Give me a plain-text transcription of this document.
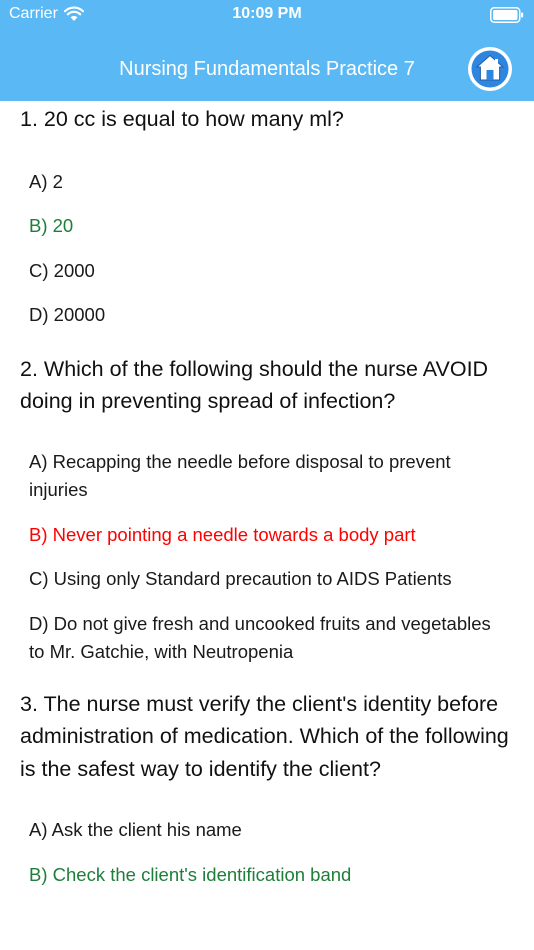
Carrier	10:09 PM
Nursing Fundamentals Practice 7

1. 20 cc is equal to how many ml?

A) 2
B) 20
C) 2000
D) 20000

2. Which of the following should the nurse AVOID doing in preventing spread of infection?

A) Recapping the needle before disposal to prevent injuries
B) Never pointing a needle towards a body part
C) Using only Standard precaution to AIDS Patients
D) Do not give fresh and uncooked fruits and vegetables to Mr. Gatchie, with Neutropenia

3. The nurse must verify the client's identity before administration of medication. Which of the following is the safest way to identify the client?

A) Ask the client his name
B) Check the client's identification band
